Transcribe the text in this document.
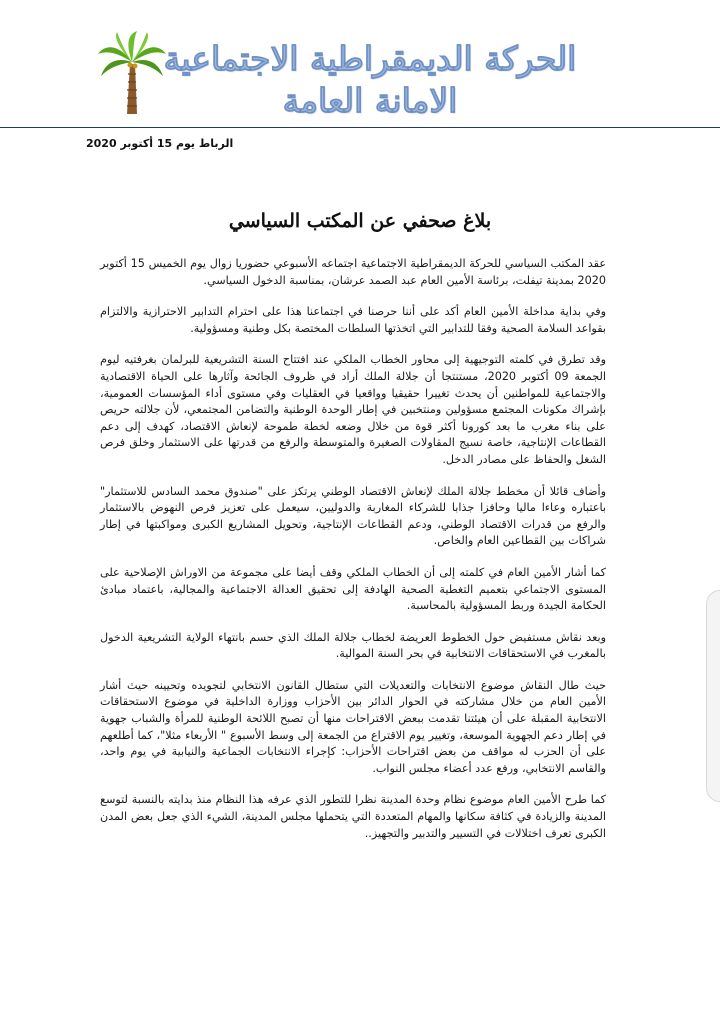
الحركة الديمقراطية الاجتماعية
الامانة العامة
الرباط يوم 15 أكتوبر 2020
بلاغ صحفي عن المكتب السياسي

عقد المكتب السياسي للحركة الديمقراطية الاجتماعية اجتماعه الأسبوعي حضوريا زوال يوم الخميس 15 أكتوبر 2020 بمدينة تيفلت، برئاسة الأمين العام عبد الصمد عرشان، بمناسبة الدخول السياسي.

وفي بداية مداخلة الأمين العام أكد على أننا حرصنا في اجتماعنا هذا على احترام التدابير الاحترازية والالتزام بقواعد السلامة الصحية وفقا للتدابير التي اتخذتها السلطات المختصة بكل وطنية ومسؤولية.

وقد تطرق في كلمته التوجيهية إلى محاور الخطاب الملكي عند افتتاح السنة التشريعية للبرلمان بغرفتيه ليوم الجمعة 09 أكتوبر 2020، مستنتجا أن جلالة الملك أراد في ظروف الجائحة وآثارها على الحياة الاقتصادية والاجتماعية للمواطنين أن يحدث تغييرا حقيقيا وواقعيا في العقليات وفي مستوى أداء المؤسسات العمومية، بإشراك مكونات المجتمع مسؤولين ومنتخبين في إطار الوحدة الوطنية والتضامن المجتمعي، لأن جلالته حريص على بناء مغرب ما بعد كورونا أكثر قوة من خلال وضعه لخطة طموحة لإنعاش الاقتصاد، كهدف إلى دعم القطاعات الإنتاجية، خاصة نسيج المقاولات الصغيرة والمتوسطة والرفع من قدرتها على الاستثمار وخلق فرص الشغل والحفاظ على مصادر الدخل.

وأضاف قائلا أن مخطط جلالة الملك لإنعاش الاقتصاد الوطني يرتكز على "صندوق محمد السادس للاستثمار" باعتباره وعاءا ماليا وحافزا جذابا للشركاء المغاربة والدوليين، سيعمل على تعزيز فرص النهوض بالاستثمار والرفع من قدرات الاقتصاد الوطني، ودعم القطاعات الإنتاجية، وتحويل المشاريع الكبرى ومواكبتها في إطار شراكات بين القطاعين العام والخاص.

كما أشار الأمين العام في كلمته إلى أن الخطاب الملكي وقف أيضا على مجموعة من الاوراش الإصلاحية على المستوى الاجتماعي بتعميم التغطية الصحية الهادفة إلى تحقيق العدالة الاجتماعية والمجالية، باعتماد مبادئ الحكامة الجيدة وربط المسؤولية بالمحاسبة.

وبعد نقاش مستفيض حول الخطوط العريضة لخطاب جلالة الملك الذي حسم بانتهاء الولاية التشريعية الدخول بالمغرب في الاستحقاقات الانتخابية في بحر السنة الموالية.

حيث طال النقاش موضوع الانتخابات والتعديلات التي ستطال القانون الانتخابي لتجويده وتحيينه حيث أشار الأمين العام من خلال مشاركته في الحوار الدائر بين الأحزاب ووزارة الداخلية في موضوع الاستحقاقات الانتخابية المقبلة على أن هيئتنا تقدمت ببعض الاقتراحات منها أن تصبح اللائحة الوطنية للمرأة والشباب جهوية في إطار دعم الجهوية الموسعة، وتغيير يوم الاقتراع من الجمعة إلى وسط الأسبوع " الأربعاء مثلا"، كما أطلعهم على أن الحزب له مواقف من بعض اقتراحات الأحزاب: كإجراء الانتخابات الجماعية والنيابية في يوم واحد، والقاسم الانتخابي، ورفع عدد أعضاء مجلس النواب.

كما طرح الأمين العام موضوع نظام وحدة المدينة نظرا للتطور الذي عرفه هذا النظام منذ بدايته بالنسبة لتوسع المدينة والزيادة في كثافة سكانها والمهام المتعددة التي يتحملها مجلس المدينة، الشيء الذي جعل بعض المدن الكبرى تعرف اختلالات في التسيير والتدبير والتجهيز..
